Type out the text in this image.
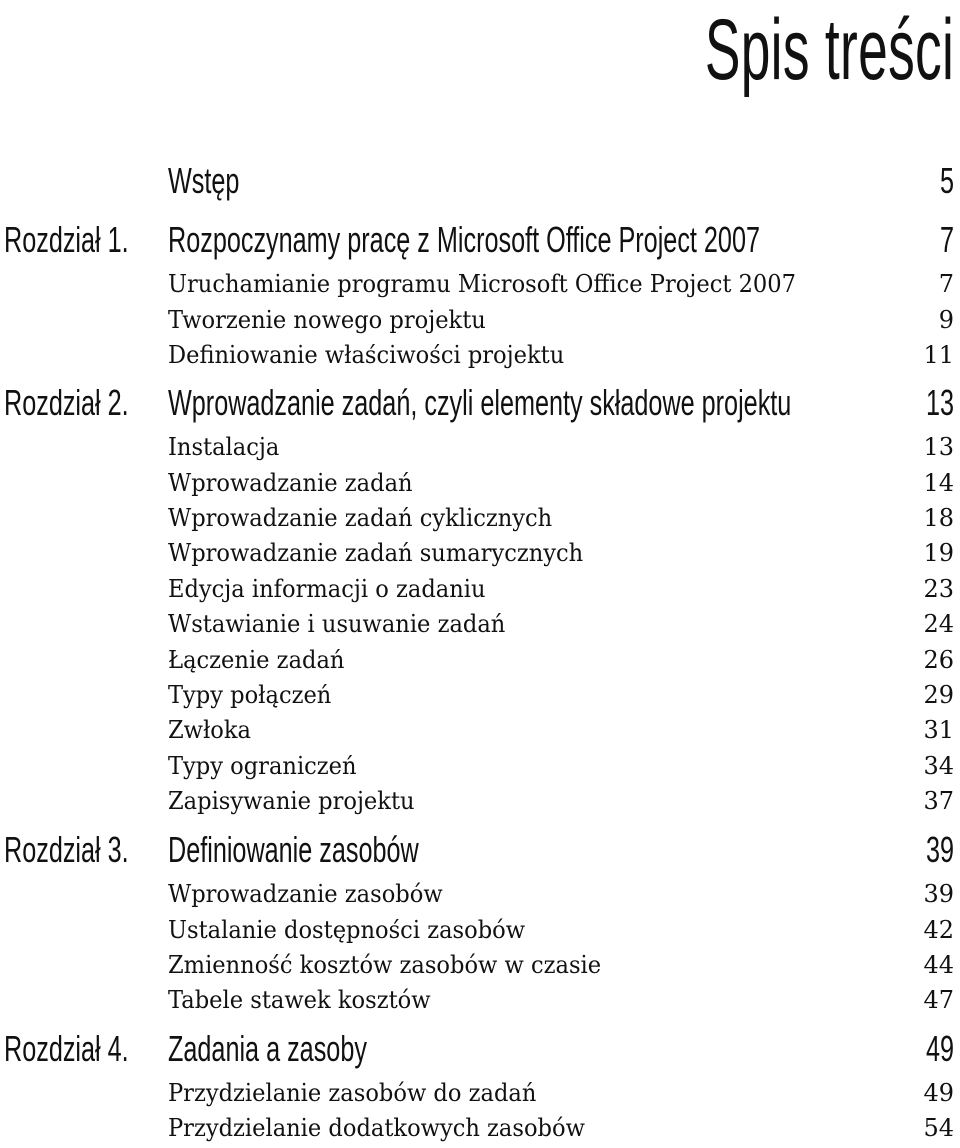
Spis treści
Wstęp	5
Rozdział 1. Rozpoczynamy pracę z Microsoft Office Project 2007	7
Uruchamianie programu Microsoft Office Project 2007	7
Tworzenie nowego projektu	9
Definiowanie właściwości projektu	11
Rozdział 2. Wprowadzanie zadań, czyli elementy składowe projektu	13
Instalacja	13
Wprowadzanie zadań	14
Wprowadzanie zadań cyklicznych	18
Wprowadzanie zadań sumarycznych	19
Edycja informacji o zadaniu	23
Wstawianie i usuwanie zadań	24
Łączenie zadań	26
Typy połączeń	29
Zwłoka	31
Typy ograniczeń	34
Zapisywanie projektu	37
Rozdział 3. Definiowanie zasobów	39
Wprowadzanie zasobów	39
Ustalanie dostępności zasobów	42
Zmienność kosztów zasobów w czasie	44
Tabele stawek kosztów	47
Rozdział 4. Zadania a zasoby	49
Przydzielanie zasobów do zadań	49
Przydzielanie dodatkowych zasobów	54
